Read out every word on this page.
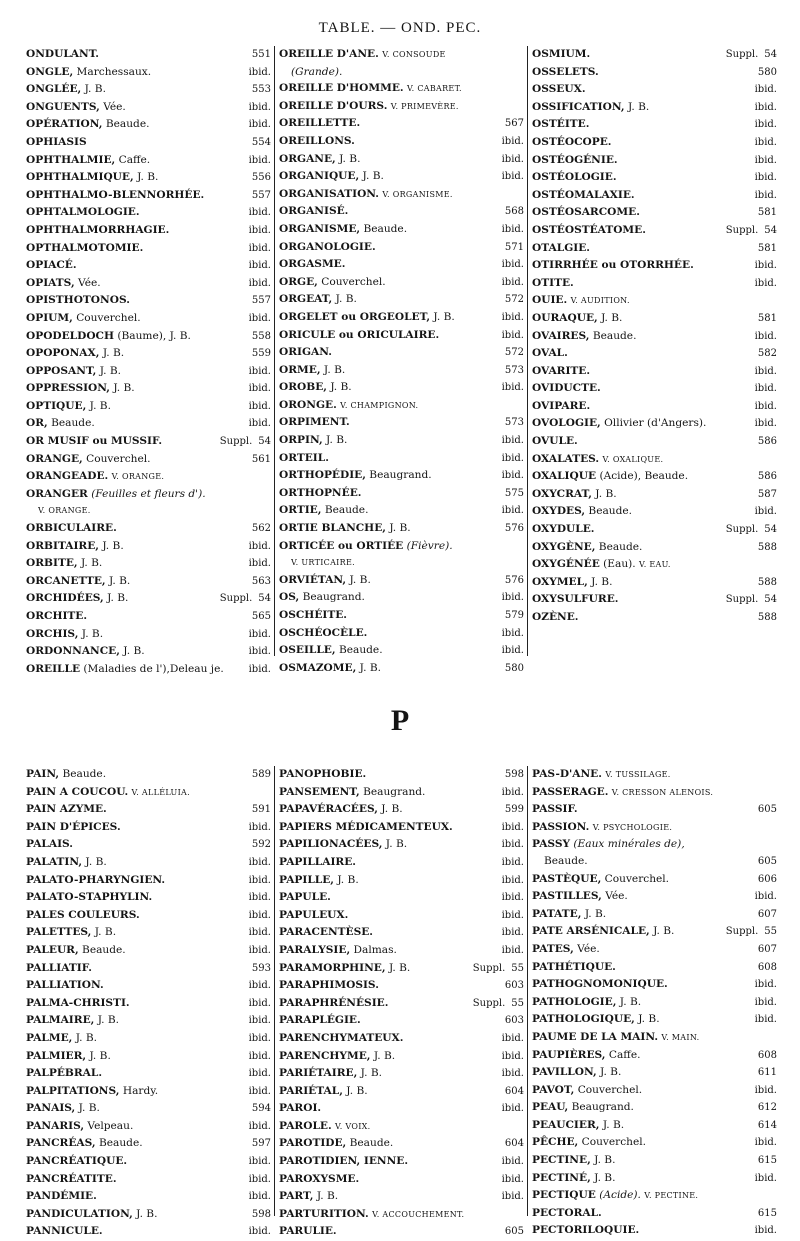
TABLE. — OND. PEC.
ONDULANT.	551
ONGLE, Marchessaux.	ibid.
ONGLÉE, J. B.	553
ONGUENTS, Vée.	ibid.
OPÉRATION, Beaude.	ibid.
OPHIASIS	554
OPHTHALMIE, Caffe.	ibid.
OPHTHALMIQUE, J. B.	556
OPHTHALMO-BLENNORHÉE.	557
OPHTALMOLOGIE.	ibid.
OPHTHALMORRHAGIE.	ibid.
OPTHALMOTOMIE.	ibid.
OPIACÉ.	ibid.
OPIATS, Vée.	ibid.
OPISTHOTONOS.	557
OPIUM, Couverchel.	ibid.
OPODELDOCH (Baume), J. B.	558
OPOPONAX, J. B.	559
OPPOSANT, J. B.	ibid.
OPPRESSION, J. B.	ibid.
OPTIQUE, J. B.	ibid.
OR, Beaude.	ibid.
OR MUSIF ou MUSSIF.	Suppl. 54
ORANGE, Couverchel.	561
ORANGEADE. V. ORANGE.
ORANGER (Feuilles et fleurs d').
V. ORANGE.
ORBICULAIRE.	562
ORBITAIRE, J. B.	ibid.
ORBITE, J. B.	ibid.
ORCANETTE, J. B.	563
ORCHIDÉES, J. B.	Suppl. 54
ORCHITE.	565
ORCHIS, J. B.	ibid.
ORDONNANCE, J. B.	ibid.
OREILLE (Maladies de l'),Deleau je.	ibid.
OREILLE D'ANE. V. CONSOUDE
(Grande).
OREILLE D'HOMME. V. CABARET.
OREILLE D'OURS. V. PRIMEVÈRE.
OREILLETTE.	567
OREILLONS.	ibid.
ORGANE, J. B.	ibid.
ORGANIQUE, J. B.	ibid.
ORGANISATION. V. ORGANISME.
ORGANISÉ.	568
ORGANISME, Beaude.	ibid.
ORGANOLOGIE.	571
ORGASME.	ibid.
ORGE, Couverchel.	ibid.
ORGEAT, J. B.	572
ORGELET ou ORGEOLET, J. B.	ibid.
ORICULE ou ORICULAIRE.	ibid.
ORIGAN.	572
ORME, J. B.	573
OROBE, J. B.	ibid.
ORONGE. V. CHAMPIGNON.
ORPIMENT.	573
ORPIN, J. B.	ibid.
ORTEIL.	ibid.
ORTHOPÉDIE, Beaugrand.	ibid.
ORTHOPNÉE.	575
ORTIE, Beaude.	ibid.
ORTIE BLANCHE, J. B.	576
ORTICÉE ou ORTIÉE (Fièvre).
V. URTICAIRE.
ORVIÉTAN, J. B.	576
OS, Beaugrand.	ibid.
OSCHÉITE.	579
OSCHÉOCÈLE.	ibid.
OSEILLE, Beaude.	ibid.
OSMAZOME, J. B.	580
OSMIUM.	Suppl. 54
OSSELETS.	580
OSSEUX.	ibid.
OSSIFICATION, J. B.	ibid.
OSTÉITE.	ibid.
OSTÉOCOPE.	ibid.
OSTÉOGÉNIE.	ibid.
OSTÉOLOGIE.	ibid.
OSTÉOMALAXIE.	ibid.
OSTÉOSARCOME.	581
OSTÉOSTÉATOME.	Suppl. 54
OTALGIE.	581
OTIRRHÉE ou OTORRHÉE.	ibid.
OTITE.	ibid.
OUIE. V. AUDITION.
OURAQUE, J. B.	581
OVAIRES, Beaude.	ibid.
OVAL.	582
OVARITE.	ibid.
OVIDUCTE.	ibid.
OVIPARE.	ibid.
OVOLOGIE, Ollivier (d'Angers).	ibid.
OVULE.	586
OXALATES. V. OXALIQUE.
OXALIQUE (Acide), Beaude.	586
OXYCRAT, J. B.	587
OXYDES, Beaude.	ibid.
OXYDULE.	Suppl. 54
OXYGÈNE, Beaude.	588
OXYGÉNÉE (Eau). V. EAU.
OXYMEL, J. B.	588
OXYSULFURE.	Suppl. 54
OZÈNE.	588
P
PAIN, Beaude.	589
PAIN A COUCOU. V. ALLÉLUIA.
PAIN AZYME.	591
PAIN D'ÉPICES.	ibid.
PALAIS.	592
PALATIN, J. B.	ibid.
PALATO-PHARYNGIEN.	ibid.
PALATO-STAPHYLIN.	ibid.
PALES COULEURS.	ibid.
PALETTES, J. B.	ibid.
PALEUR, Beaude.	ibid.
PALLIATIF.	593
PALLIATION.	ibid.
PALMA-CHRISTI.	ibid.
PALMAIRE, J. B.	ibid.
PALME, J. B.	ibid.
PALMIER, J. B.	ibid.
PALPÉBRAL.	ibid.
PALPITATIONS, Hardy.	ibid.
PANAIS, J. B.	594
PANARIS, Velpeau.	ibid.
PANCRÉAS, Beaude.	597
PANCRÉATIQUE.	ibid.
PANCRÉATITE.	ibid.
PANDÉMIE.	ibid.
PANDICULATION, J. B.	598
PANNICULE.	ibid.
PANOPHOBIE.	598
PANSEMENT, Beaugrand.	ibid.
PAPAVÉRACÉES, J. B.	599
PAPIERS MÉDICAMENTEUX.	ibid.
PAPILIONACÉES, J. B.	ibid.
PAPILLAIRE.	ibid.
PAPILLE, J. B.	ibid.
PAPULE.	ibid.
PAPULEUX.	ibid.
PARACENTÈSE.	ibid.
PARALYSIE, Dalmas.	ibid.
PARAMORPHINE, J. B.	Suppl. 55
PARAPHIMOSIS.	603
PARAPHRÉNÉSIE.	Suppl. 55
PARAPLÉGIE.	603
PARENCHYMATEUX.	ibid.
PARENCHYME, J. B.	ibid.
PARIÉTAIRE, J. B.	ibid.
PARIÉTAL, J. B.	604
PAROI.	ibid.
PAROLE. V. VOIX.
PAROTIDE, Beaude.	604
PAROTIDIEN, IENNE.	ibid.
PAROXYSME.	ibid.
PART, J. B.	ibid.
PARTURITION. V. ACCOUCHEMENT.
PARULIE.	605
PAS-D'ANE. V. TUSSILAGE.
PASSERAGE. V. CRESSON ALENOIS.
PASSIF.	605
PASSION. V. PSYCHOLOGIE.
PASSY (Eaux minérales de),
Beaude.	605
PASTÈQUE, Couverchel.	606
PASTILLES, Vée.	ibid.
PATATE, J. B.	607
PATE ARSÉNICALE, J. B.	Suppl. 55
PATES, Vée.	607
PATHÉTIQUE.	608
PATHOGNOMONIQUE.	ibid.
PATHOLOGIE, J. B.	ibid.
PATHOLOGIQUE, J. B.	ibid.
PAUME DE LA MAIN. V. MAIN.
PAUPIÈRES, Caffe.	608
PAVILLON, J. B.	611
PAVOT, Couverchel.	ibid.
PEAU, Beaugrand.	612
PEAUCIER, J. B.	614
PÊCHE, Couverchel.	ibid.
PECTINE, J. B.	615
PECTINÉ, J. B.	ibid.
PECTIQUE (Acide). V. PECTINE.
PECTORAL.	615
PECTORILOQUIE.	ibid.
